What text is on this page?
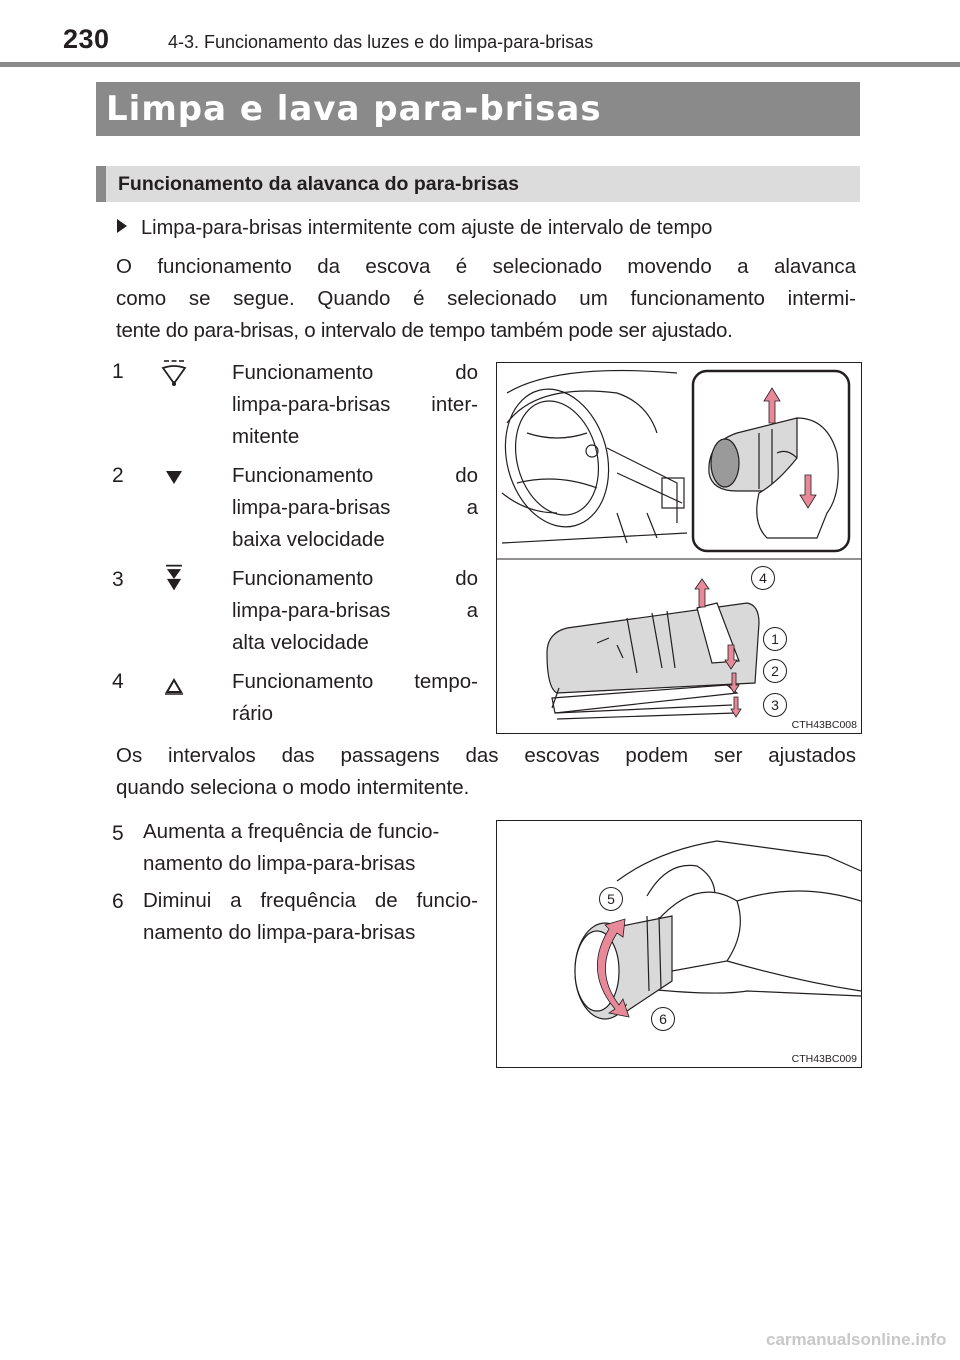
230	4-3. Funcionamento das luzes e do limpa-para-brisas
Limpa e lava para-brisas
Funcionamento da alavanca do para-brisas
Limpa-para-brisas intermitente com ajuste de intervalo de tempo
O funcionamento da escova é selecionado movendo a alavanca
como se segue. Quando é selecionado um funcionamento intermi-
tente do para-brisas, o intervalo de tempo também pode ser ajustado.
1	Funcionamento do
limpa-para-brisas inter-
mitente
2	Funcionamento do
limpa-para-brisas a
baixa velocidade
3	Funcionamento do
limpa-para-brisas a
alta velocidade
4	Funcionamento tempo-
rário
4
1
2
3
CTH43BC008
Os intervalos das passagens das escovas podem ser ajustados
quando seleciona o modo intermitente.
5 Aumenta a frequência de funcio-
namento do limpa-para-brisas
6 Diminui a frequência de funcio-
namento do limpa-para-brisas
5
6
CTH43BC009
carmanualsonline.info
